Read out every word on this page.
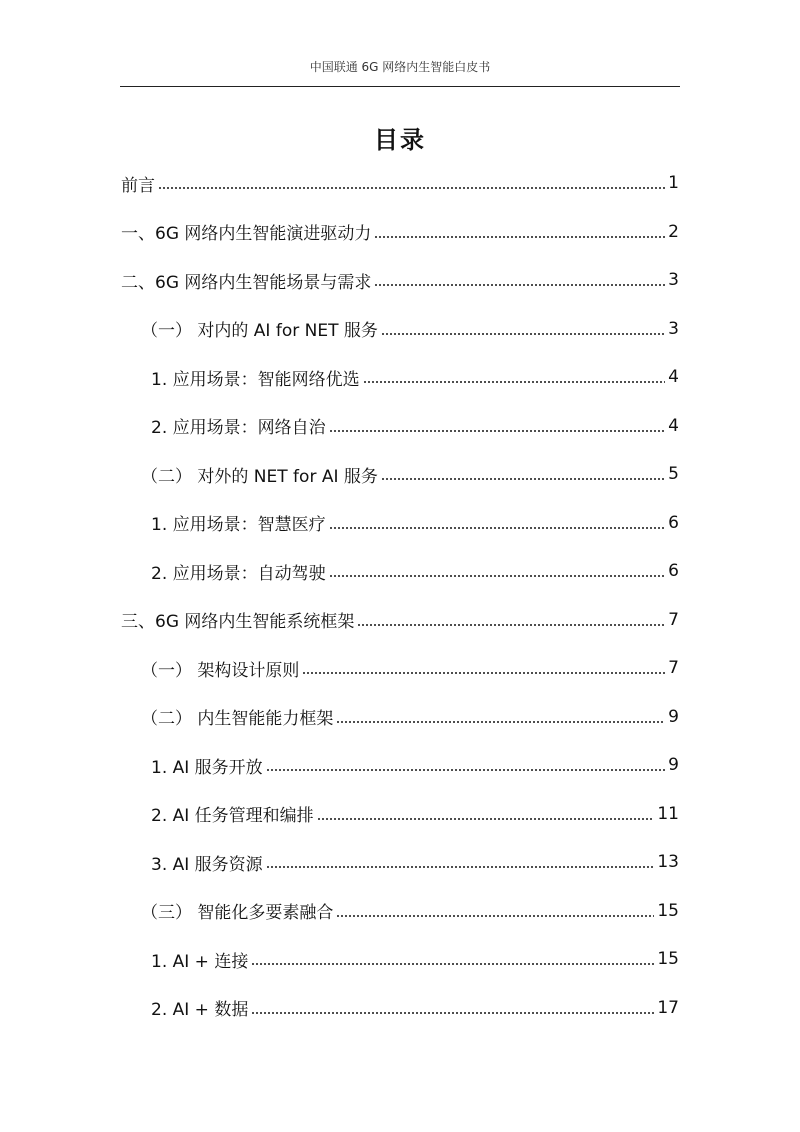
中国联通 6G 网络内生智能白皮书
目录
前言	1
一、6G 网络内生智能演进驱动力	2
二、6G 网络内生智能场景与需求	3
（一） 对内的 AI for NET 服务	3
1. 应用场景：智能网络优选	4
2. 应用场景：网络自治	4
（二） 对外的 NET for AI 服务	5
1. 应用场景：智慧医疗	6
2. 应用场景：自动驾驶	6
三、6G 网络内生智能系统框架	7
（一） 架构设计原则	7
（二） 内生智能能力框架	9
1. AI 服务开放	9
2. AI 任务管理和编排	11
3. AI 服务资源	13
（三） 智能化多要素融合	15
1. AI + 连接	15
2. AI + 数据	17
